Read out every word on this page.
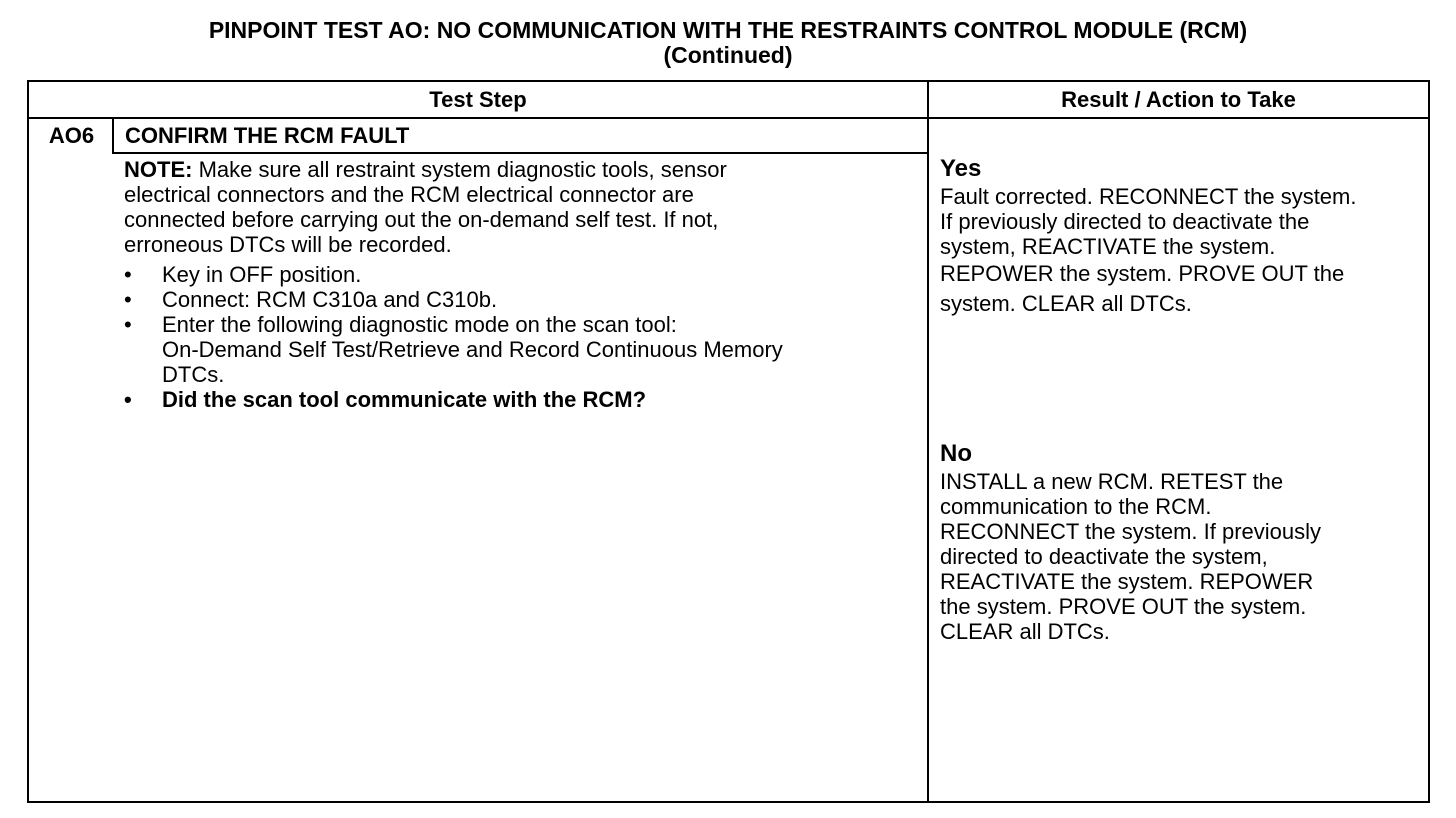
PINPOINT TEST AO: NO COMMUNICATION WITH THE RESTRAINTS CONTROL MODULE (RCM)
(Continued)
Test Step	Result / Action to Take
AO6	CONFIRM THE RCM FAULT
NOTE: Make sure all restraint system diagnostic tools, sensor
electrical connectors and the RCM electrical connector are
connected before carrying out the on-demand self test. If not,
erroneous DTCs will be recorded.
• Key in OFF position.
• Connect: RCM C310a and C310b.
• Enter the following diagnostic mode on the scan tool:
On-Demand Self Test/Retrieve and Record Continuous Memory
DTCs.
• Did the scan tool communicate with the RCM?
Yes
Fault corrected. RECONNECT the system.
If previously directed to deactivate the
system, REACTIVATE the system.
REPOWER the system. PROVE OUT the
system. CLEAR all DTCs.
No
INSTALL a new RCM. RETEST the
communication to the RCM.
RECONNECT the system. If previously
directed to deactivate the system,
REACTIVATE the system. REPOWER
the system. PROVE OUT the system.
CLEAR all DTCs.
